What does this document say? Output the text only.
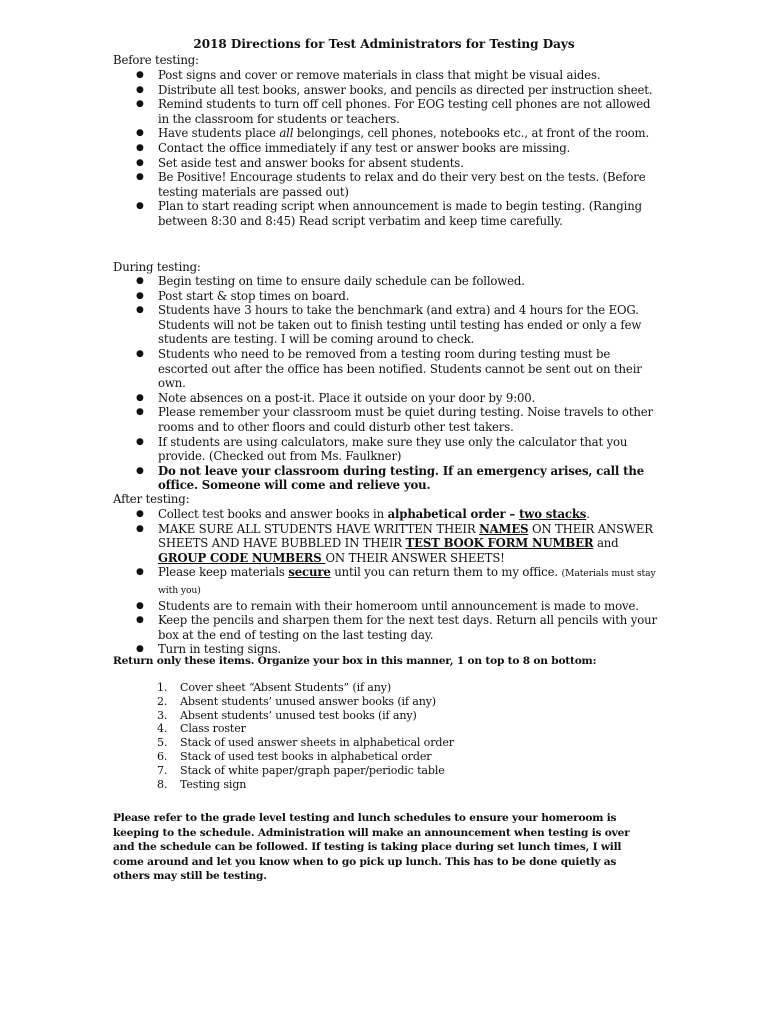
2018 Directions for Test Administrators for Testing Days
Before testing:
● Post signs and cover or remove materials in class that might be visual aides.
● Distribute all test books, answer books, and pencils as directed per instruction sheet.
● Remind students to turn off cell phones. For EOG testing cell phones are not allowed in the classroom for students or teachers.
● Have students place all belongings, cell phones, notebooks etc., at front of the room.
● Contact the office immediately if any test or answer books are missing.
● Set aside test and answer books for absent students.
● Be Positive! Encourage students to relax and do their very best on the tests. (Before testing materials are passed out)
● Plan to start reading script when announcement is made to begin testing. (Ranging between 8:30 and 8:45) Read script verbatim and keep time carefully.
During testing:
● Begin testing on time to ensure daily schedule can be followed.
● Post start & stop times on board.
● Students have 3 hours to take the benchmark (and extra) and 4 hours for the EOG. Students will not be taken out to finish testing until testing has ended or only a few students are testing. I will be coming around to check.
● Students who need to be removed from a testing room during testing must be escorted out after the office has been notified. Students cannot be sent out on their own.
● Note absences on a post-it. Place it outside on your door by 9:00.
● Please remember your classroom must be quiet during testing. Noise travels to other rooms and to other floors and could disturb other test takers.
● If students are using calculators, make sure they use only the calculator that you provide. (Checked out from Ms. Faulkner)
● Do not leave your classroom during testing. If an emergency arises, call the office. Someone will come and relieve you.
After testing:
● Collect test books and answer books in alphabetical order – two stacks.
● MAKE SURE ALL STUDENTS HAVE WRITTEN THEIR NAMES ON THEIR ANSWER SHEETS AND HAVE BUBBLED IN THEIR TEST BOOK FORM NUMBER and GROUP CODE NUMBERS ON THEIR ANSWER SHEETS!
● Please keep materials secure until you can return them to my office. (Materials must stay with you)
● Students are to remain with their homeroom until announcement is made to move.
● Keep the pencils and sharpen them for the next test days. Return all pencils with your box at the end of testing on the last testing day.
● Turn in testing signs.
Return only these items. Organize your box in this manner, 1 on top to 8 on bottom:
1. Cover sheet “Absent Students” (if any)
2. Absent students’ unused answer books (if any)
3. Absent students’ unused test books (if any)
4. Class roster
5. Stack of used answer sheets in alphabetical order
6. Stack of used test books in alphabetical order
7. Stack of white paper/graph paper/periodic table
8. Testing sign
Please refer to the grade level testing and lunch schedules to ensure your homeroom is keeping to the schedule. Administration will make an announcement when testing is over and the schedule can be followed. If testing is taking place during set lunch times, I will come around and let you know when to go pick up lunch. This has to be done quietly as others may still be testing.
